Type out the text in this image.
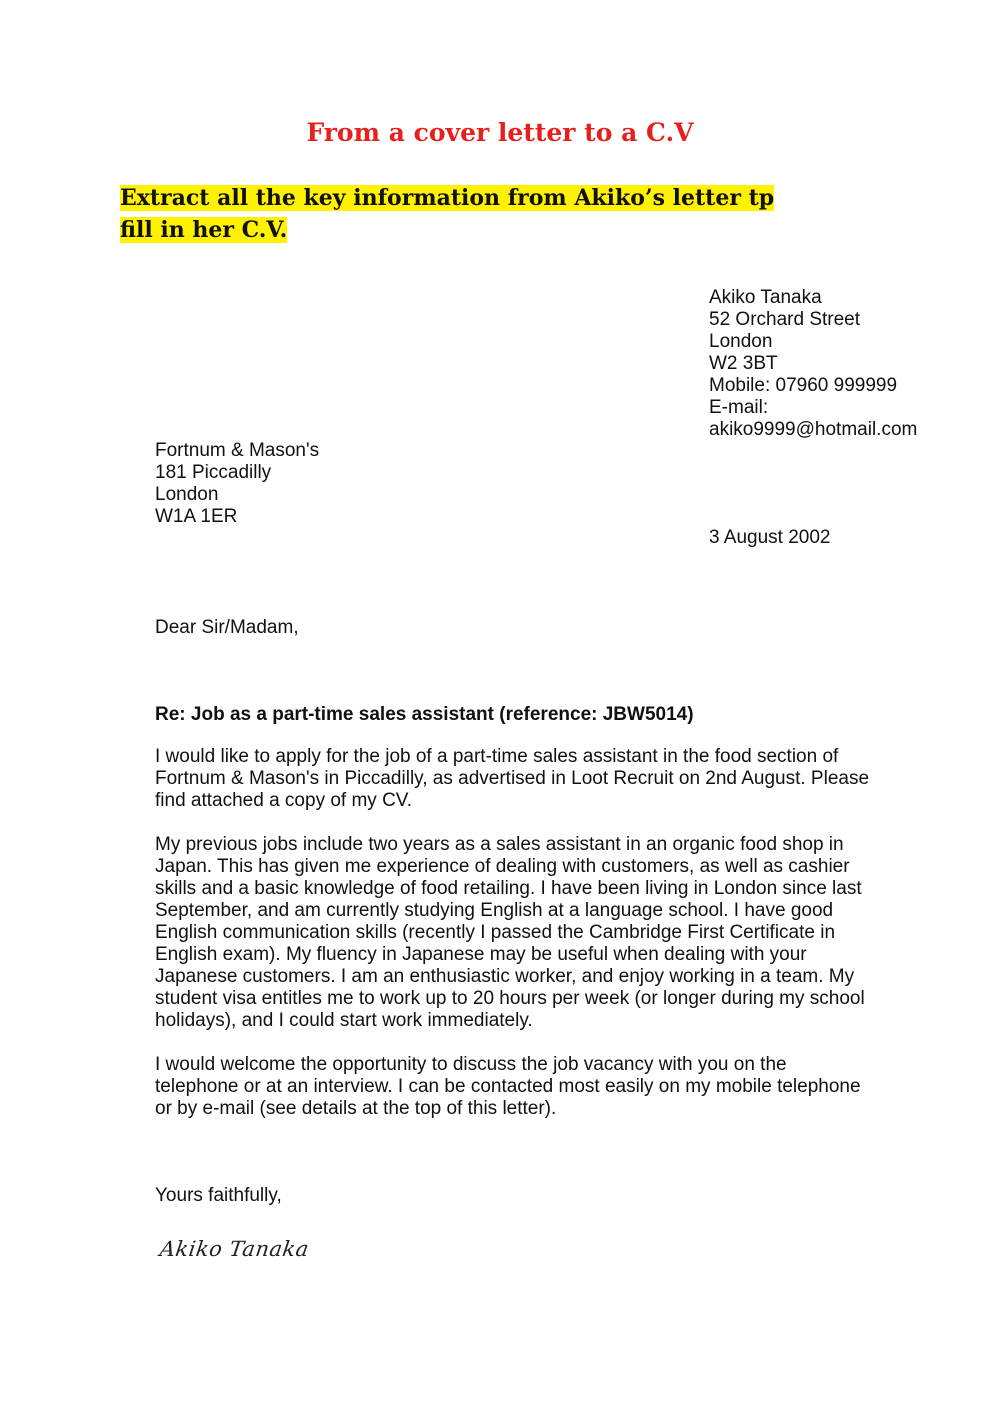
From a cover letter to a C.V
Extract all the key information from Akiko’s letter tp
fill in her C.V.
Akiko Tanaka
52 Orchard Street
London
W2 3BT
Mobile: 07960 999999
E-mail:
akiko9999@hotmail.com
Fortnum & Mason's
181 Piccadilly
London
W1A 1ER
3 August 2002
Dear Sir/Madam,
Re: Job as a part-time sales assistant (reference: JBW5014)
I would like to apply for the job of a part-time sales assistant in the food section of
Fortnum & Mason's in Piccadilly, as advertised in Loot Recruit on 2nd August. Please
find attached a copy of my CV.
My previous jobs include two years as a sales assistant in an organic food shop in
Japan. This has given me experience of dealing with customers, as well as cashier
skills and a basic knowledge of food retailing. I have been living in London since last
September, and am currently studying English at a language school. I have good
English communication skills (recently I passed the Cambridge First Certificate in
English exam). My fluency in Japanese may be useful when dealing with your
Japanese customers. I am an enthusiastic worker, and enjoy working in a team. My
student visa entitles me to work up to 20 hours per week (or longer during my school
holidays), and I could start work immediately.
I would welcome the opportunity to discuss the job vacancy with you on the
telephone or at an interview. I can be contacted most easily on my mobile telephone
or by e-mail (see details at the top of this letter).
Yours faithfully,
Akiko Tanaka
